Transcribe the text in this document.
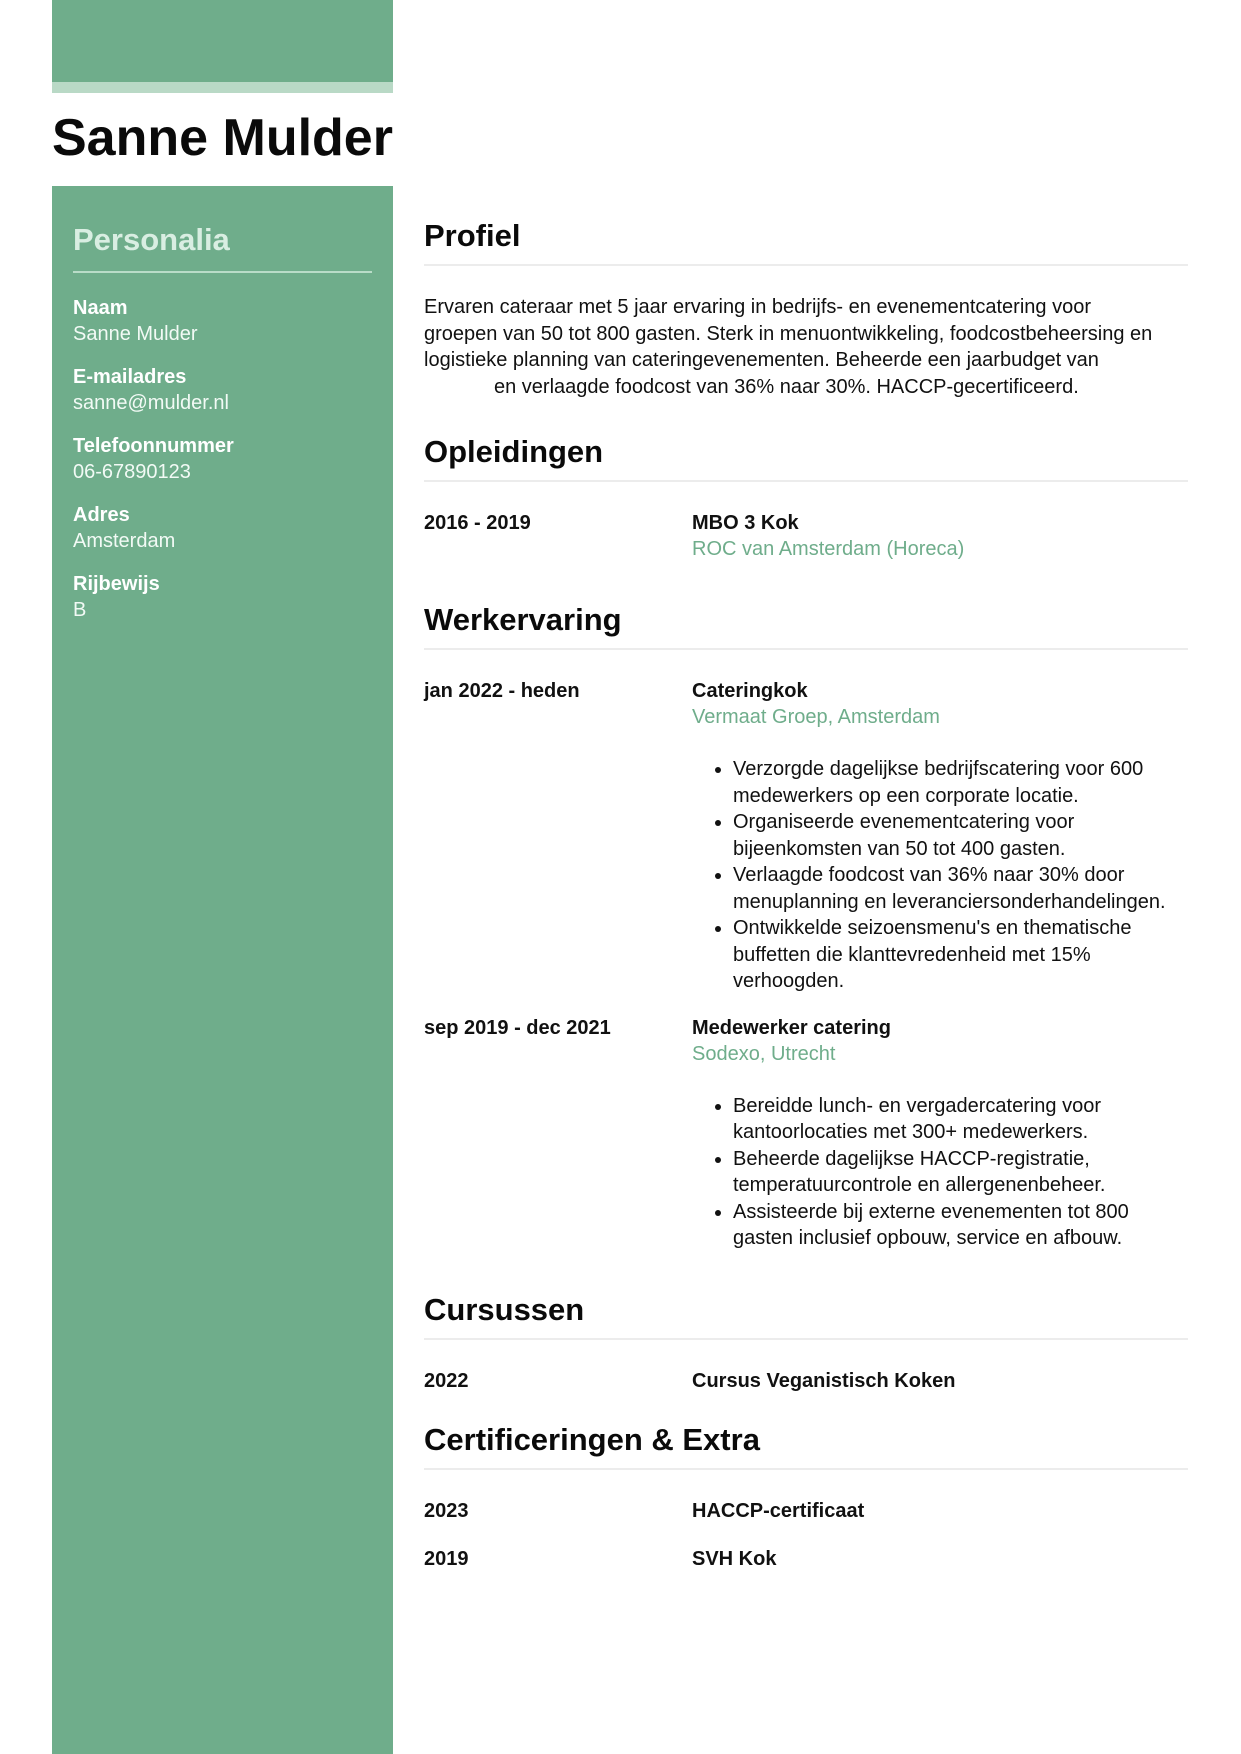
Sanne Mulder
Personalia
Naam
Sanne Mulder
E-mailadres
sanne@mulder.nl
Telefoonnummer
06-67890123
Adres
Amsterdam
Rijbewijs
B
Profiel

Ervaren cateraar met 5 jaar ervaring in bedrijfs- en evenementcatering voor
groepen van 50 tot 800 gasten. Sterk in menuontwikkeling, foodcostbeheersing en
logistieke planning van cateringevenementen. Beheerde een jaarbudget van
en verlaagde foodcost van 36% naar 30%. HACCP-gecertificeerd.

Opleidingen
2016 - 2019	MBO 3 Kok
ROC van Amsterdam (Horeca)
Werkervaring
jan 2022 - heden	Cateringkok
Vermaat Groep, Amsterdam
• Verzorgde dagelijkse bedrijfscatering voor 600 medewerkers op een corporate locatie.
• Organiseerde evenementcatering voor bijeenkomsten van 50 tot 400 gasten.
• Verlaagde foodcost van 36% naar 30% door menuplanning en leveranciersonderhandelingen.
• Ontwikkelde seizoensmenu's en thematische buffetten die klanttevredenheid met 15% verhoogden.
sep 2019 - dec 2021	Medewerker catering
Sodexo, Utrecht
• Bereidde lunch- en vergadercatering voor kantoorlocaties met 300+ medewerkers.
• Beheerde dagelijkse HACCP-registratie, temperatuurcontrole en allergenenbeheer.
• Assisteerde bij externe evenementen tot 800 gasten inclusief opbouw, service en afbouw.
Cursussen
2022	Cursus Veganistisch Koken
Certificeringen & Extra
2023	HACCP-certificaat
2019	SVH Kok
